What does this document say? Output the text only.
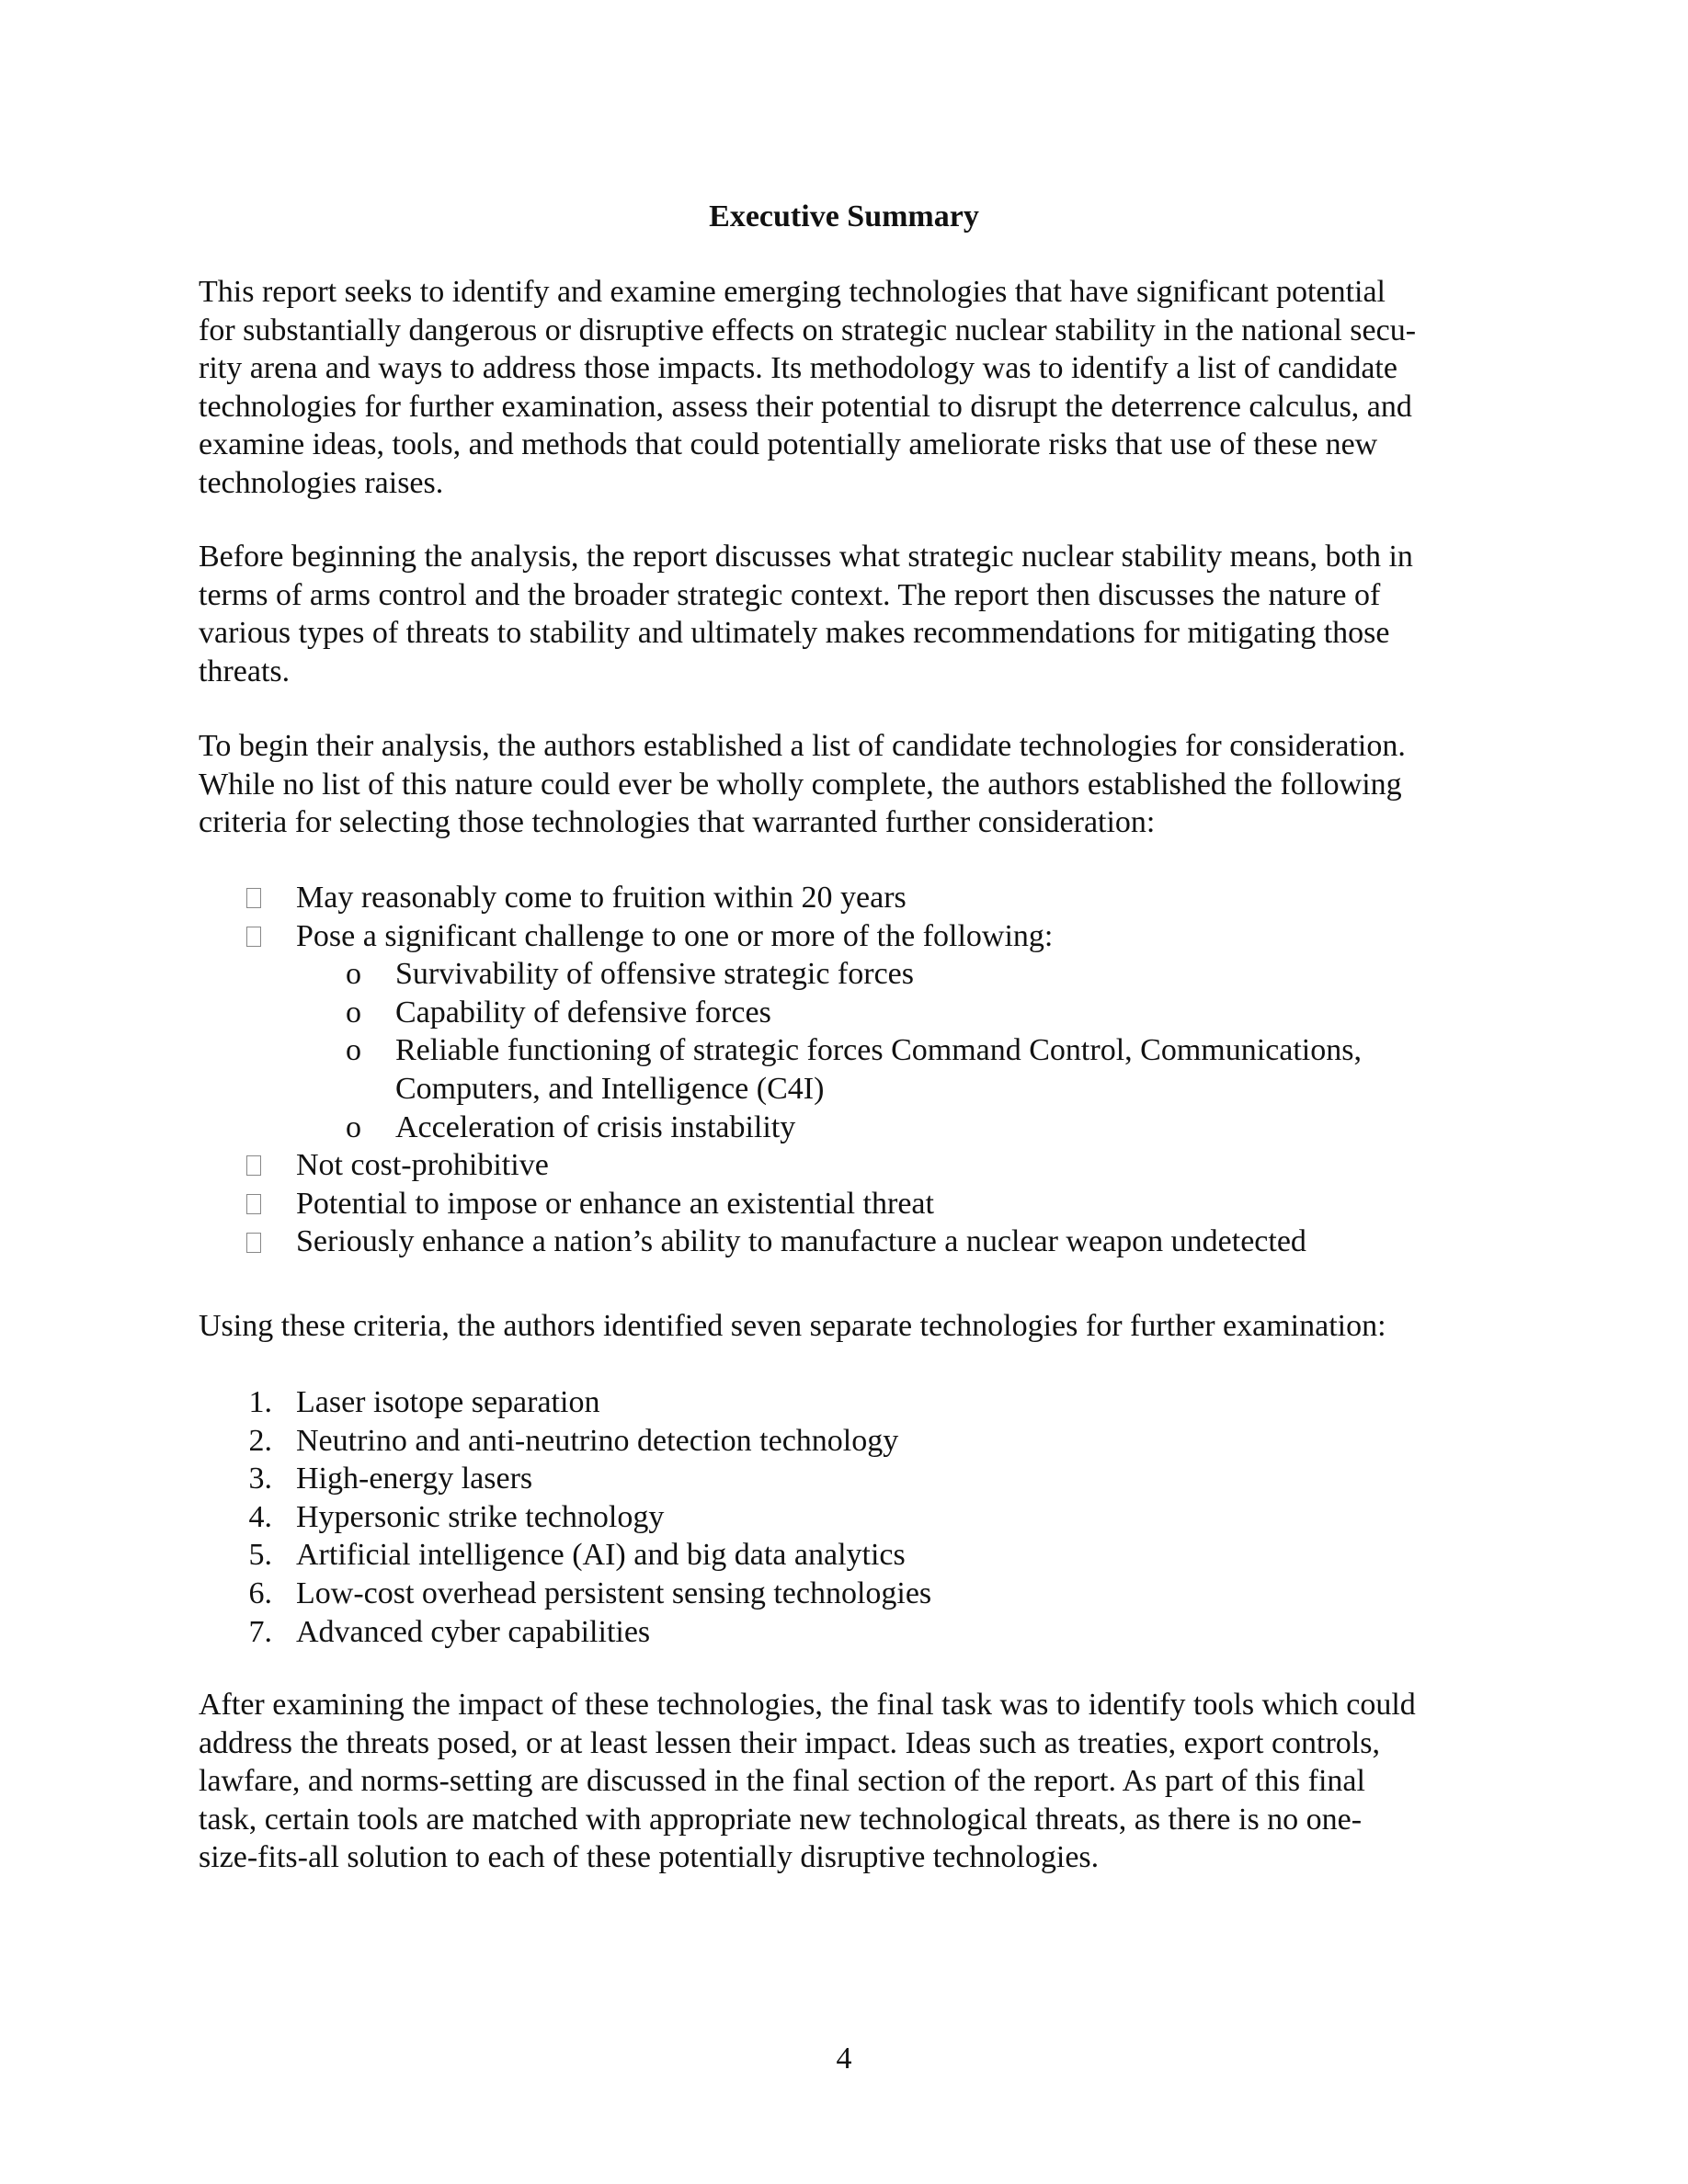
Executive Summary

This report seeks to identify and examine emerging technologies that have significant potential
for substantially dangerous or disruptive effects on strategic nuclear stability in the national secu-
rity arena and ways to address those impacts. Its methodology was to identify a list of candidate
technologies for further examination, assess their potential to disrupt the deterrence calculus, and
examine ideas, tools, and methods that could potentially ameliorate risks that use of these new
technologies raises.

Before beginning the analysis, the report discusses what strategic nuclear stability means, both in
terms of arms control and the broader strategic context. The report then discusses the nature of
various types of threats to stability and ultimately makes recommendations for mitigating those
threats.

To begin their analysis, the authors established a list of candidate technologies for consideration.
While no list of this nature could ever be wholly complete, the authors established the following
criteria for selecting those technologies that warranted further consideration:

May reasonably come to fruition within 20 years
Pose a significant challenge to one or more of the following:
o	Survivability of offensive strategic forces
o	Capability of defensive forces
o	Reliable functioning of strategic forces Command Control, Communications,
Computers, and Intelligence (C4I)
o	Acceleration of crisis instability
Not cost-prohibitive
Potential to impose or enhance an existential threat
Seriously enhance a nation’s ability to manufacture a nuclear weapon undetected

Using these criteria, the authors identified seven separate technologies for further examination:

1. Laser isotope separation
2. Neutrino and anti-neutrino detection technology
3. High-energy lasers
4. Hypersonic strike technology
5. Artificial intelligence (AI) and big data analytics
6. Low-cost overhead persistent sensing technologies
7. Advanced cyber capabilities

After examining the impact of these technologies, the final task was to identify tools which could
address the threats posed, or at least lessen their impact. Ideas such as treaties, export controls,
lawfare, and norms-setting are discussed in the final section of the report. As part of this final
task, certain tools are matched with appropriate new technological threats, as there is no one-
size-fits-all solution to each of these potentially disruptive technologies.

4
